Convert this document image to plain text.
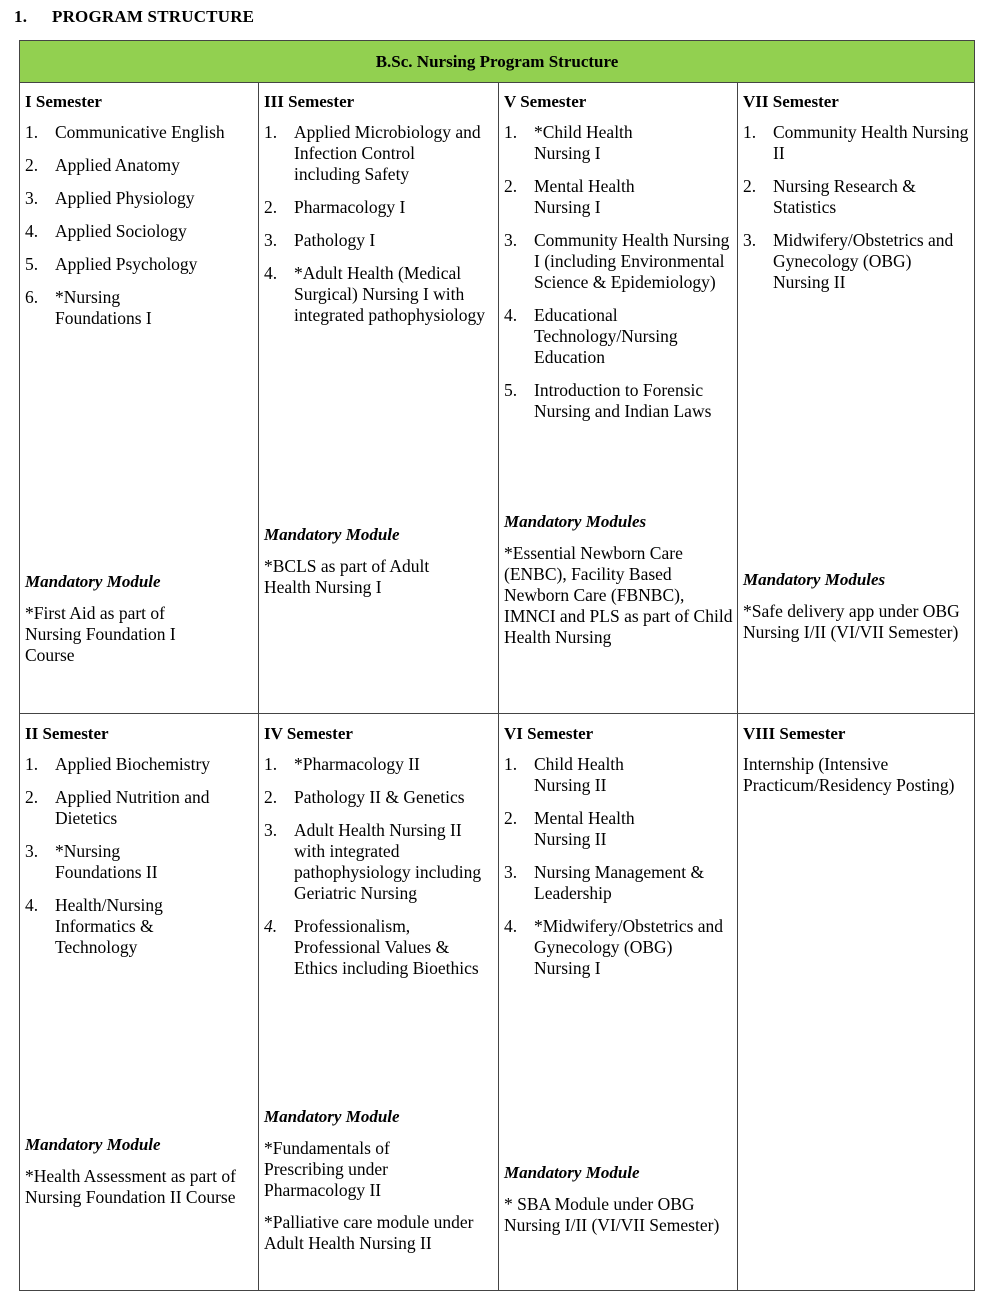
1. PROGRAM STRUCTURE
B.Sc. Nursing Program Structure
I Semester
1. Communicative English
2. Applied Anatomy
3. Applied Physiology
4. Applied Sociology
5. Applied Psychology
6. *Nursing Foundations I
Mandatory Module
*First Aid as part of Nursing Foundation I Course
III Semester
1. Applied Microbiology and Infection Control including Safety
2. Pharmacology I
3. Pathology I
4. *Adult Health (Medical Surgical) Nursing I with integrated pathophysiology
Mandatory Module
*BCLS as part of Adult Health Nursing I
V Semester
1. *Child Health Nursing I
2. Mental Health Nursing I
3. Community Health Nursing I (including Environmental Science & Epidemiology)
4. Educational Technology/Nursing Education
5. Introduction to Forensic Nursing and Indian Laws
Mandatory Modules
*Essential Newborn Care (ENBC), Facility Based Newborn Care (FBNBC), IMNCI and PLS as part of Child Health Nursing
VII Semester
1. Community Health Nursing II
2. Nursing Research & Statistics
3. Midwifery/Obstetrics and Gynecology (OBG) Nursing II
Mandatory Modules
*Safe delivery app under OBG Nursing I/II (VI/VII Semester)
II Semester
1. Applied Biochemistry
2. Applied Nutrition and Dietetics
3. *Nursing Foundations II
4. Health/Nursing Informatics & Technology
Mandatory Module
*Health Assessment as part of Nursing Foundation II Course
IV Semester
1. *Pharmacology II
2. Pathology II & Genetics
3. Adult Health Nursing II with integrated pathophysiology including Geriatric Nursing
4. Professionalism, Professional Values & Ethics including Bioethics
Mandatory Module
*Fundamentals of Prescribing under Pharmacology II
*Palliative care module under Adult Health Nursing II
VI Semester
1. Child Health Nursing II
2. Mental Health Nursing II
3. Nursing Management & Leadership
4. *Midwifery/Obstetrics and Gynecology (OBG) Nursing I
Mandatory Module
* SBA Module under OBG Nursing I/II (VI/VII Semester)
VIII Semester
Internship (Intensive Practicum/Residency Posting)
